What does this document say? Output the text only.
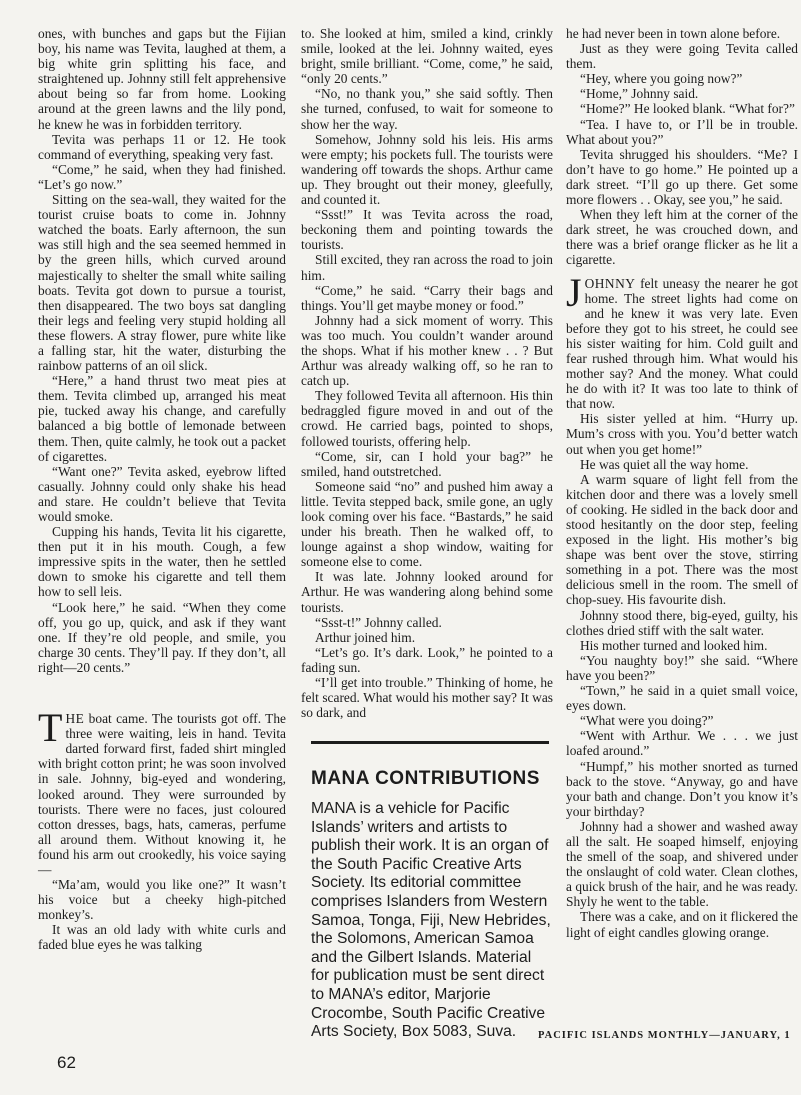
ones, with bunches and gaps but the Fijian boy, his name was Tevita, laughed at them, a big white grin splitting his face, and straightened up. Johnny still felt apprehensive about being so far from home. Looking around at the green lawns and the lily pond, he knew he was in forbidden territory.

Tevita was perhaps 11 or 12. He took command of everything, speaking very fast.

“Come,” he said, when they had finished. “Let’s go now.”

Sitting on the sea-wall, they waited for the tourist cruise boats to come in. Johnny watched the boats. Early afternoon, the sun was still high and the sea seemed hemmed in by the green hills, which curved around majestically to shelter the small white sailing boats. Tevita got down to pursue a tourist, then disappeared. The two boys sat dangling their legs and feeling very stupid holding all these flowers. A stray flower, pure white like a falling star, hit the water, disturbing the rainbow patterns of an oil slick.

“Here,” a hand thrust two meat pies at them. Tevita climbed up, arranged his meat pie, tucked away his change, and carefully balanced a big bottle of lemonade between them. Then, quite calmly, he took out a packet of cigarettes.

“Want one?” Tevita asked, eyebrow lifted casually. Johnny could only shake his head and stare. He couldn’t believe that Tevita would smoke.

Cupping his hands, Tevita lit his cigarette, then put it in his mouth. Cough, a few impressive spits in the water, then he settled down to smoke his cigarette and tell them how to sell leis.

“Look here,” he said. “When they come off, you go up, quick, and ask if they want one. If they’re old people, and smile, you charge 30 cents. They’ll pay. If they don’t, all right—20 cents.”

THE boat came. The tourists got off. The three were waiting, leis in hand. Tevita darted forward first, faded shirt mingled with bright cotton print; he was soon involved in sale. Johnny, big-eyed and wondering, looked around. They were surrounded by tourists. There were no faces, just coloured cotton dresses, bags, hats, cameras, perfume all around them. Without knowing it, he found his arm out crookedly, his voice saying—

“Ma’am, would you like one?” It wasn’t his voice but a cheeky high-pitched monkey’s.

It was an old lady with white curls and faded blue eyes he was talking

to. She looked at him, smiled a kind, crinkly smile, looked at the lei. Johnny waited, eyes bright, smile brilliant. “Come, come,” he said, “only 20 cents.”

“No, no thank you,” she said softly. Then she turned, confused, to wait for someone to show her the way.

Somehow, Johnny sold his leis. His arms were empty; his pockets full. The tourists were wandering off towards the shops. Arthur came up. They brought out their money, gleefully, and counted it.

“Ssst!” It was Tevita across the road, beckoning them and pointing towards the tourists.

Still excited, they ran across the road to join him.

“Come,” he said. “Carry their bags and things. You’ll get maybe money or food.”

Johnny had a sick moment of worry. This was too much. You couldn’t wander around the shops. What if his mother knew . . ? But Arthur was already walking off, so he ran to catch up.

They followed Tevita all afternoon. His thin bedraggled figure moved in and out of the crowd. He carried bags, pointed to shops, followed tourists, offering help.

“Come, sir, can I hold your bag?” he smiled, hand outstretched.

Someone said “no” and pushed him away a little. Tevita stepped back, smile gone, an ugly look coming over his face. “Bastards,” he said under his breath. Then he walked off, to lounge against a shop window, waiting for someone else to come.

It was late. Johnny looked around for Arthur. He was wandering along behind some tourists.

“Ssst-t!” Johnny called.

Arthur joined him.

“Let’s go. It’s dark. Look,” he pointed to a fading sun.

“I’ll get into trouble.” Thinking of home, he felt scared. What would his mother say? It was so dark, and

MANA CONTRIBUTIONS

MANA is a vehicle for Pacific Islands’ writers and artists to publish their work. It is an organ of the South Pacific Creative Arts Society. Its editorial committee comprises Islanders from Western Samoa, Tonga, Fiji, New Hebrides, the Solomons, American Samoa and the Gilbert Islands. Material for publication must be sent direct to MANA’s editor, Marjorie Crocombe, South Pacific Creative Arts Society, Box 5083, Suva.

he had never been in town alone before.

Just as they were going Tevita called them.

“Hey, where you going now?”

“Home,” Johnny said.

“Home?” He looked blank. “What for?”

“Tea. I have to, or I’ll be in trouble. What about you?”

Tevita shrugged his shoulders. “Me? I don’t have to go home.” He pointed up a dark street. “I’ll go up there. Get some more flowers . . Okay, see you,” he said.

When they left him at the corner of the dark street, he was crouched down, and there was a brief orange flicker as he lit a cigarette.

JOHNNY felt uneasy the nearer he got home. The street lights had come on and he knew it was very late. Even before they got to his street, he could see his sister waiting for him. Cold guilt and fear rushed through him. What would his mother say? And the money. What could he do with it? It was too late to think of that now.

His sister yelled at him. “Hurry up. Mum’s cross with you. You’d better watch out when you get home!”

He was quiet all the way home.

A warm square of light fell from the kitchen door and there was a lovely smell of cooking. He sidled in the back door and stood hesitantly on the door step, feeling exposed in the light. His mother’s big shape was bent over the stove, stirring something in a pot. There was the most delicious smell in the room. The smell of chop-suey. His favourite dish.

Johnny stood there, big-eyed, guilty, his clothes dried stiff with the salt water.

His mother turned and looked him.

“You naughty boy!” she said. “Where have you been?”

“Town,” he said in a quiet small voice, eyes down.

“What were you doing?”

“Went with Arthur. We . . . we just loafed around.”

“Humpf,” his mother snorted as turned back to the stove. “Anyway, go and have your bath and change. Don’t you know it’s your birthday?

Johnny had a shower and washed away all the salt. He soaped himself, enjoying the smell of the soap, and shivered under the onslaught of cold water. Clean clothes, a quick brush of the hair, and he was ready. Shyly he went to the table.

There was a cake, and on it flickered the light of eight candles glowing orange.

PACIFIC ISLANDS MONTHLY—JANUARY, 1
62
